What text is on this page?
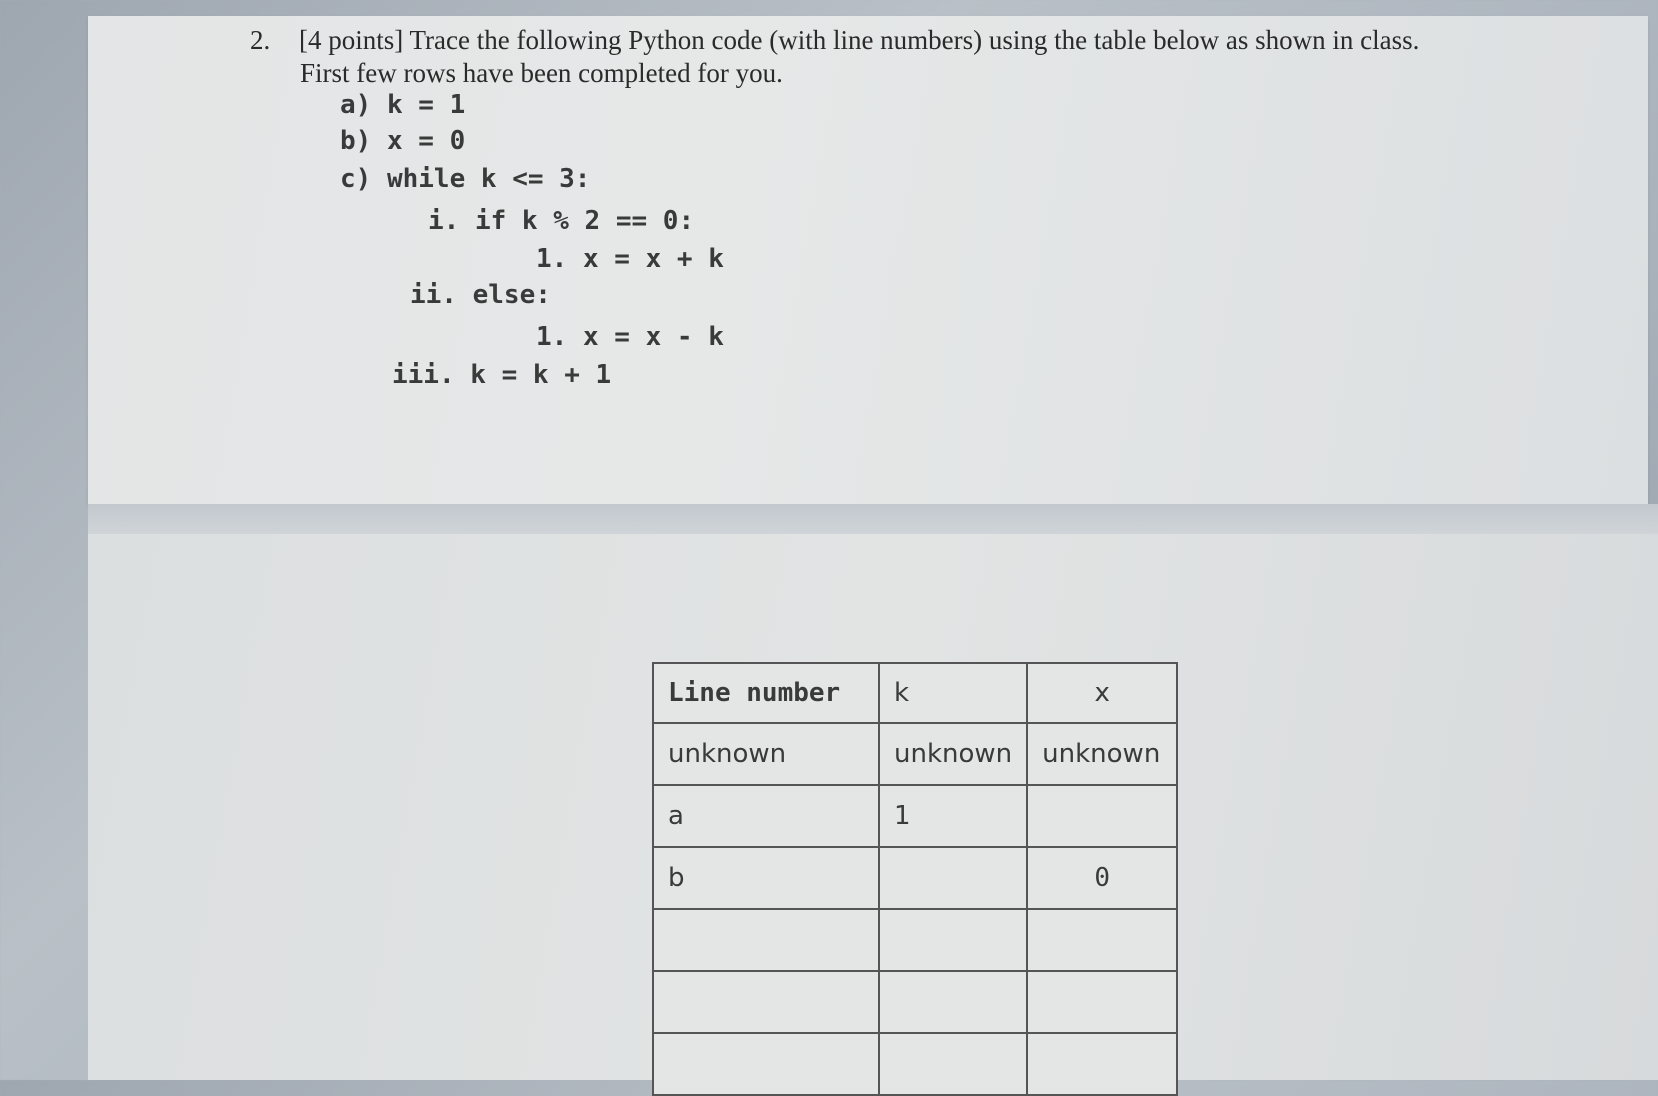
2. [4 points] Trace the following Python code (with line numbers) using the table below as shown in class.
First few rows have been completed for you.
a) k = 1
b) x = 0
c) while k <= 3:
i. if k % 2 == 0:
1. x = x + k
ii. else:
1. x = x - k
iii. k = k + 1
Line number	k	x
unknown	unknown	unknown
a	1	
b		0
